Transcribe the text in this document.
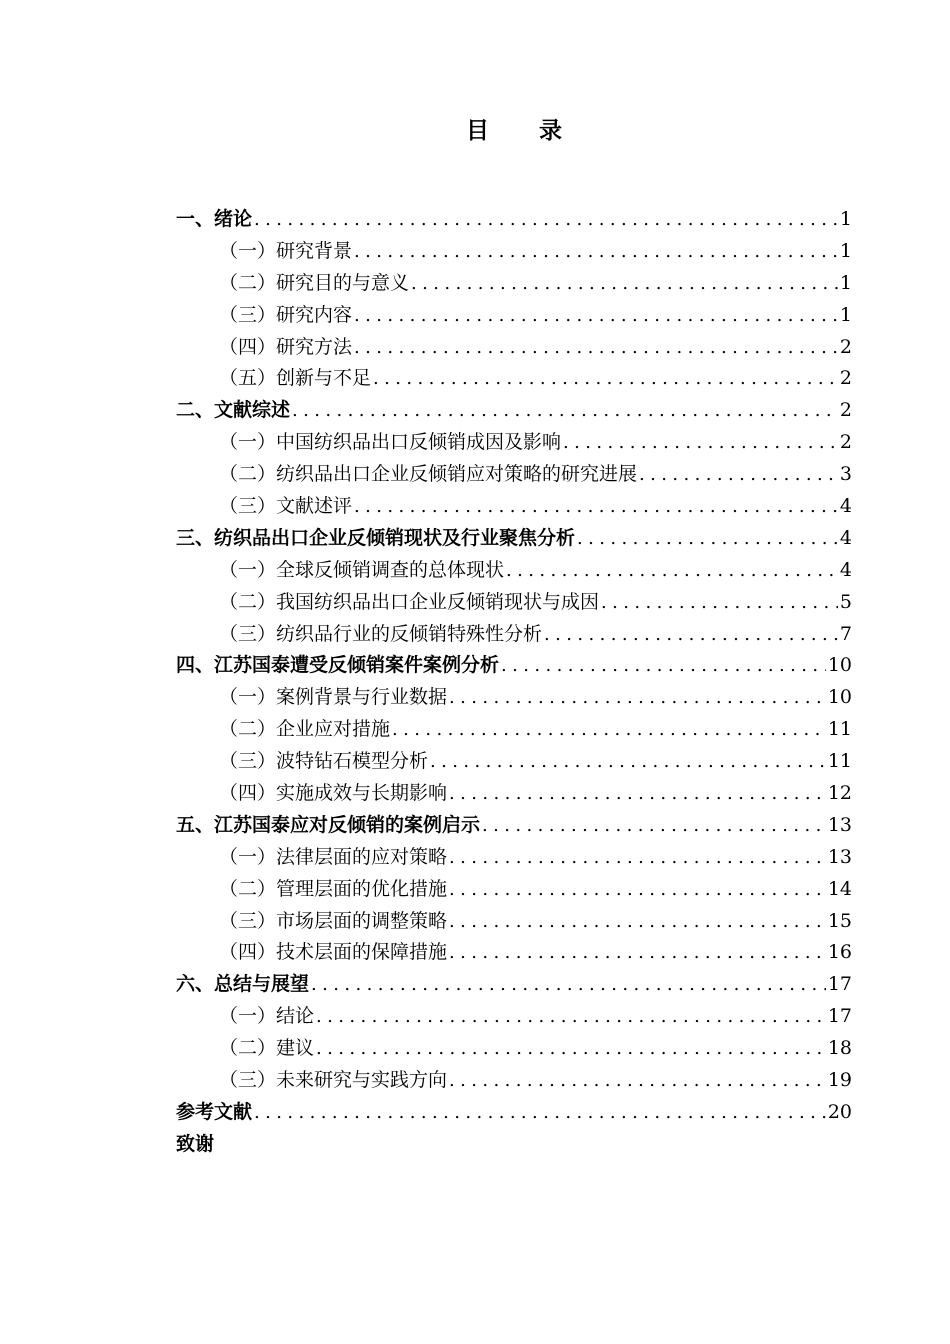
目 录
一、绪论 .....	1
（一）研究背景 .....	1
（二）研究目的与意义 .....	1
（三）研究内容 .....	1
（四）研究方法 .....	2
（五）创新与不足 .....	2
二、文献综述 .....	2
（一）中国纺织品出口反倾销成因及影响 .....	2
（二）纺织品出口企业反倾销应对策略的研究进展 .....	3
（三）文献述评 .....	4
三、纺织品出口企业反倾销现状及行业聚焦分析 .....	4
（一）全球反倾销调查的总体现状 .....	4
（二）我国纺织品出口企业反倾销现状与成因 .....	5
（三）纺织品行业的反倾销特殊性分析 .....	7
四、江苏国泰遭受反倾销案件案例分析 .....	10
（一）案例背景与行业数据 .....	10
（二）企业应对措施 .....	11
（三）波特钻石模型分析 .....	11
（四）实施成效与长期影响 .....	12
五、江苏国泰应对反倾销的案例启示 .....	13
（一）法律层面的应对策略 .....	13
（二）管理层面的优化措施 .....	14
（三）市场层面的调整策略 .....	15
（四）技术层面的保障措施 .....	16
六、总结与展望 .....	17
（一）结论 .....	17
（二）建议 .....	18
（三）未来研究与实践方向 .....	19
参考文献 .....	20
致谢
